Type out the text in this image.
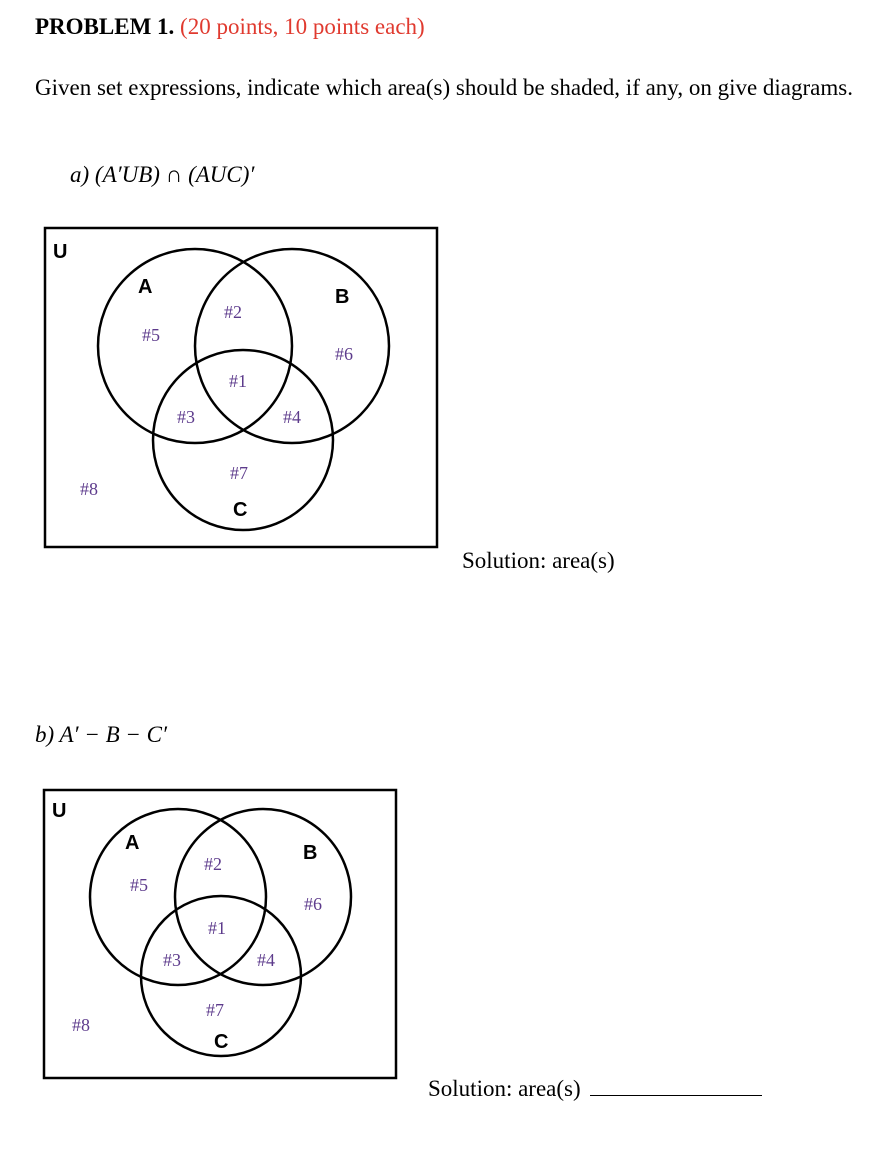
PROBLEM 1. (20 points, 10 points each)
Given set expressions, indicate which area(s) should be shaded, if any, on give diagrams.
a) (A′UB) ∩ (AUC)′
b) A′ − B − C′
U
A	B
C
#2
#5
#6
#1
#3	#4
#7
#8
U
A	B
C
#2
#5
#6
#1
#3	#4
#7
#8
Solution: area(s)
Solution: area(s)
